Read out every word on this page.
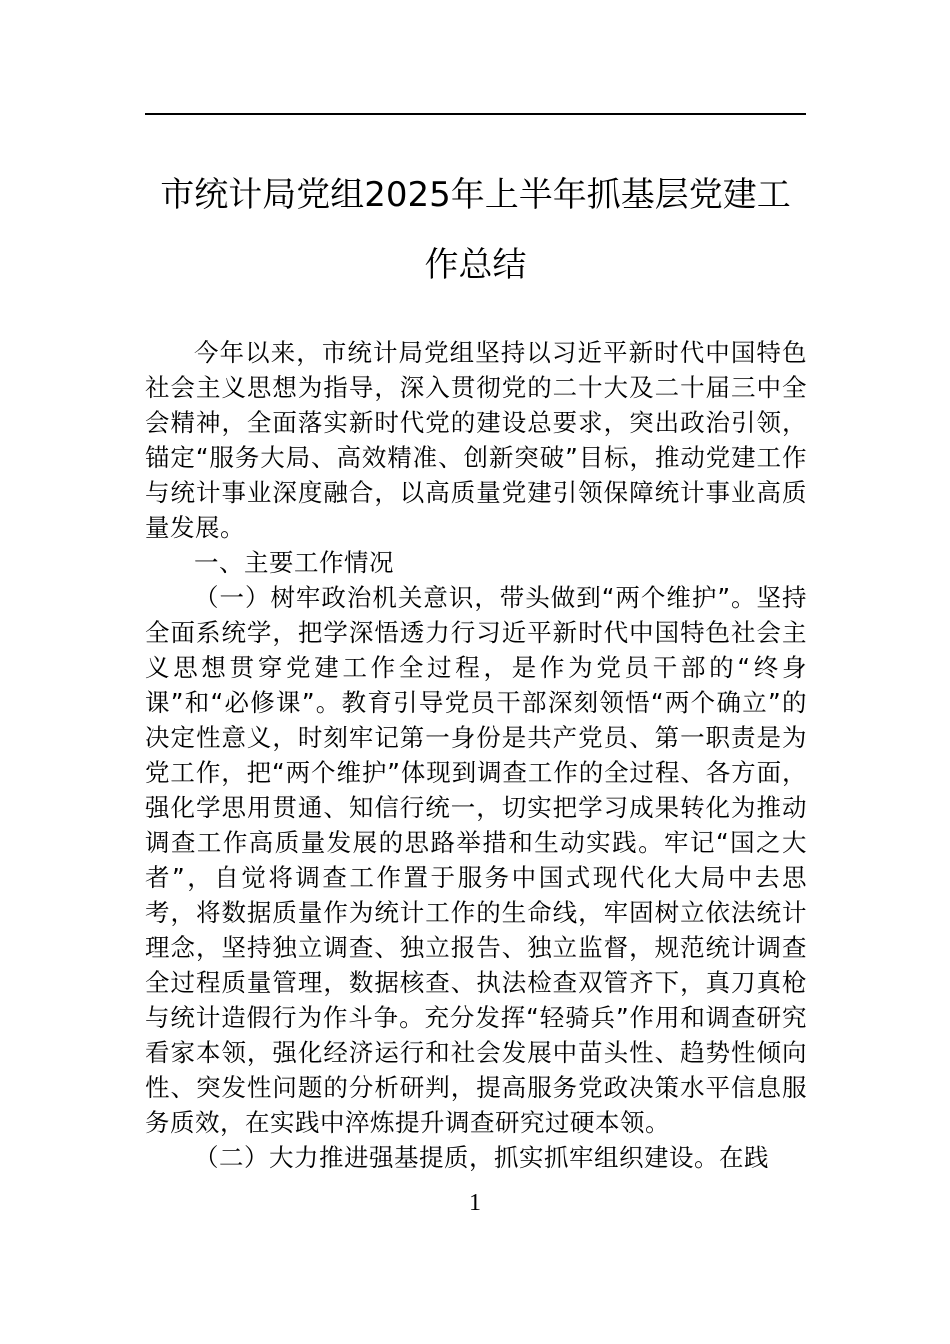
市统计局党组2025年上半年抓基层党建工
作总结

今年以来，市统计局党组坚持以习近平新时代中国特色社会主义思想为指导，深入贯彻党的二十大及二十届三中全会精神，全面落实新时代党的建设总要求，突出政治引领，锚定“服务大局、高效精准、创新突破”目标，推动党建工作与统计事业深度融合，以高质量党建引领保障统计事业高质量发展。

一、主要工作情况

（一）树牢政治机关意识，带头做到“两个维护”。坚持全面系统学，把学深悟透力行习近平新时代中国特色社会主义思想贯穿党建工作全过程，是作为党员干部的“终身课”和“必修课”。教育引导党员干部深刻领悟“两个确立”的决定性意义，时刻牢记第一身份是共产党员、第一职责是为党工作，把“两个维护”体现到调查工作的全过程、各方面，强化学思用贯通、知信行统一，切实把学习成果转化为推动调查工作高质量发展的思路举措和生动实践。牢记“国之大者”，自觉将调查工作置于服务中国式现代化大局中去思考，将数据质量作为统计工作的生命线，牢固树立依法统计理念，坚持独立调查、独立报告、独立监督，规范统计调查全过程质量管理，数据核查、执法检查双管齐下，真刀真枪与统计造假行为作斗争。充分发挥“轻骑兵”作用和调查研究看家本领，强化经济运行和社会发展中苗头性、趋势性倾向性、突发性问题的分析研判，提高服务党政决策水平信息服务质效，在实践中淬炼提升调查研究过硬本领。

（二）大力推进强基提质，抓实抓牢组织建设。在践

1
